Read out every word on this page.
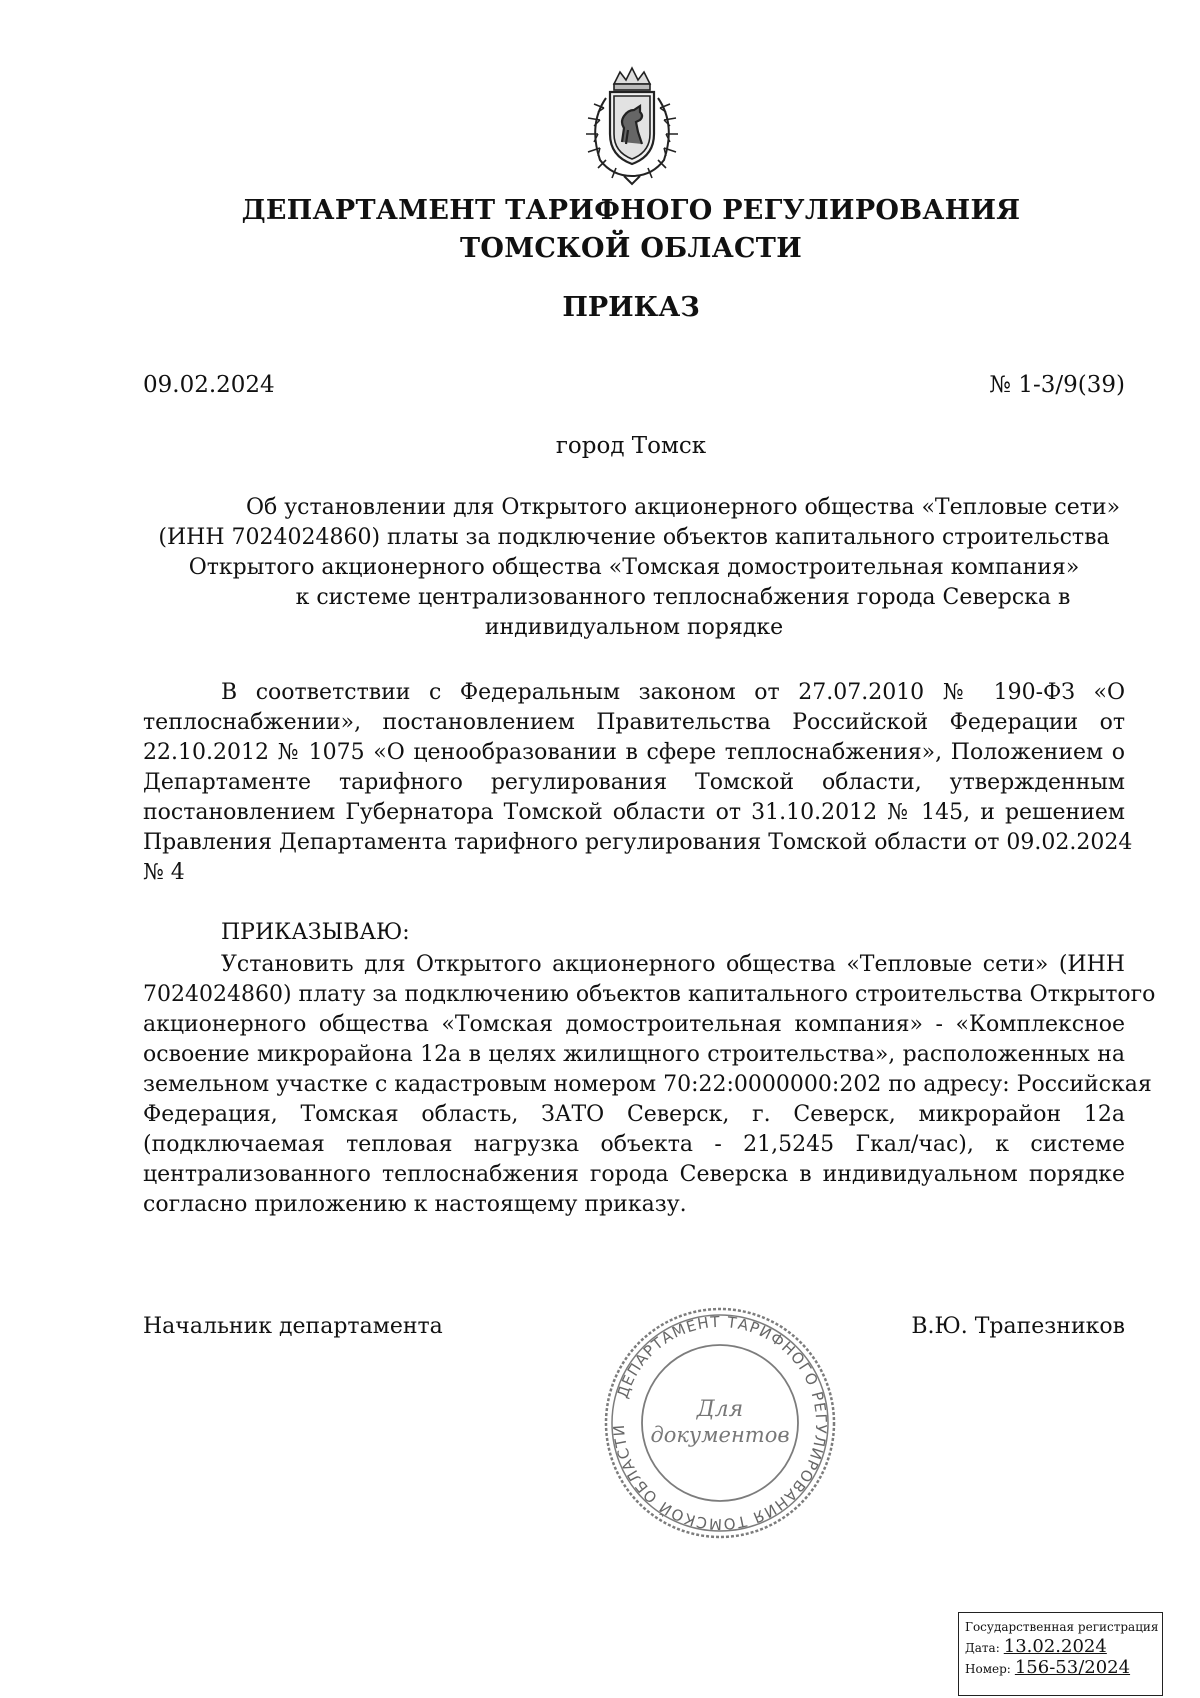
ДЕПАРТАМЕНТ ТАРИФНОГО РЕГУЛИРОВАНИЯ
ТОМСКОЙ ОБЛАСТИ
ПРИКАЗ
09.02.2024	№ 1-3/9(39)
город Томск
Об установлении для Открытого акционерного общества «Тепловые сети»
(ИНН 7024024860) платы за подключение объектов капитального строительства
Открытого акционерного общества «Томская домостроительная компания»
к системе централизованного теплоснабжения города Северска в
индивидуальном порядке
В соответствии с Федеральным законом от 27.07.2010 № 190-ФЗ «О
теплоснабжении», постановлением Правительства Российской Федерации от
22.10.2012 № 1075 «О ценообразовании в сфере теплоснабжения», Положением о
Департаменте тарифного регулирования Томской области, утвержденным
постановлением Губернатора Томской области от 31.10.2012 № 145, и решением
Правления Департамента тарифного регулирования Томской области от 09.02.2024
№ 4
ПРИКАЗЫВАЮ:
Установить для Открытого акционерного общества «Тепловые сети» (ИНН
7024024860) плату за подключению объектов капитального строительства Открытого
акционерного общества «Томская домостроительная компания» - «Комплексное
освоение микрорайона 12а в целях жилищного строительства», расположенных на
земельном участке с кадастровым номером 70:22:0000000:202 по адресу: Российская
Федерация, Томская область, ЗАТО Северск, г. Северск, микрорайон 12а
(подключаемая тепловая нагрузка объекта - 21,5245 Гкал/час), к системе
централизованного теплоснабжения города Северска в индивидуальном порядке
согласно приложению к настоящему приказу.
Начальник департамента	В.Ю. Трапезников
ДЕПАРТАМЕНТ ТАРИФНОГО РЕГУЛИРОВАНИЯ ТОМСКОЙ ОБЛАСТИ
Для
документов
Государственная регистрация
Дата: 13.02.2024
Номер: 156-53/2024
